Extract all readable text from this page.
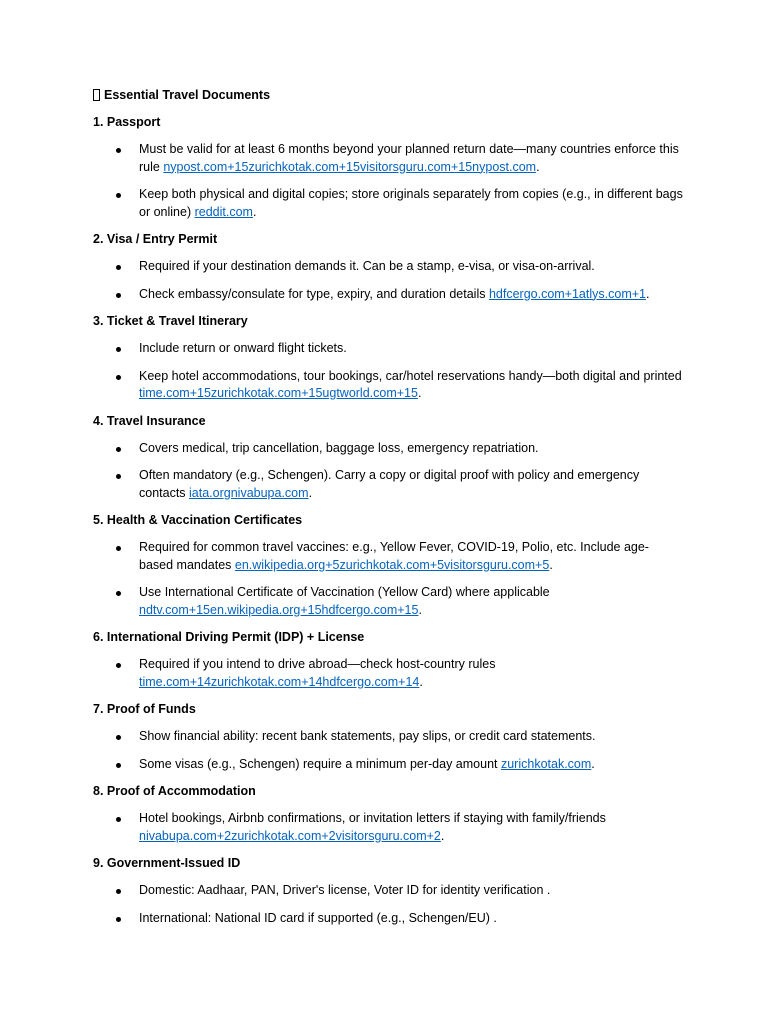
Essential Travel Documents
1. Passport
Must be valid for at least 6 months beyond your planned return date—many countries enforce this rule nypost.com+15zurichkotak.com+15visitorsguru.com+15nypost.com.
Keep both physical and digital copies; store originals separately from copies (e.g., in different bags or online) reddit.com.
2. Visa / Entry Permit
Required if your destination demands it. Can be a stamp, e-visa, or visa-on-arrival.
Check embassy/consulate for type, expiry, and duration details hdfcergo.com+1atlys.com+1.
3. Ticket & Travel Itinerary
Include return or onward flight tickets.
Keep hotel accommodations, tour bookings, car/hotel reservations handy—both digital and printed time.com+15zurichkotak.com+15ugtworld.com+15.
4. Travel Insurance
Covers medical, trip cancellation, baggage loss, emergency repatriation.
Often mandatory (e.g., Schengen). Carry a copy or digital proof with policy and emergency contacts iata.orgnivabupa.com.
5. Health & Vaccination Certificates
Required for common travel vaccines: e.g., Yellow Fever, COVID-19, Polio, etc. Include age-based mandates en.wikipedia.org+5zurichkotak.com+5visitorsguru.com+5.
Use International Certificate of Vaccination (Yellow Card) where applicable ndtv.com+15en.wikipedia.org+15hdfcergo.com+15.
6. International Driving Permit (IDP) + License
Required if you intend to drive abroad—check host-country rules time.com+14zurichkotak.com+14hdfcergo.com+14.
7. Proof of Funds
Show financial ability: recent bank statements, pay slips, or credit card statements.
Some visas (e.g., Schengen) require a minimum per-day amount zurichkotak.com.
8. Proof of Accommodation
Hotel bookings, Airbnb confirmations, or invitation letters if staying with family/friends nivabupa.com+2zurichkotak.com+2visitorsguru.com+2.
9. Government-Issued ID
Domestic: Aadhaar, PAN, Driver's license, Voter ID for identity verification .
International: National ID card if supported (e.g., Schengen/EU) .
